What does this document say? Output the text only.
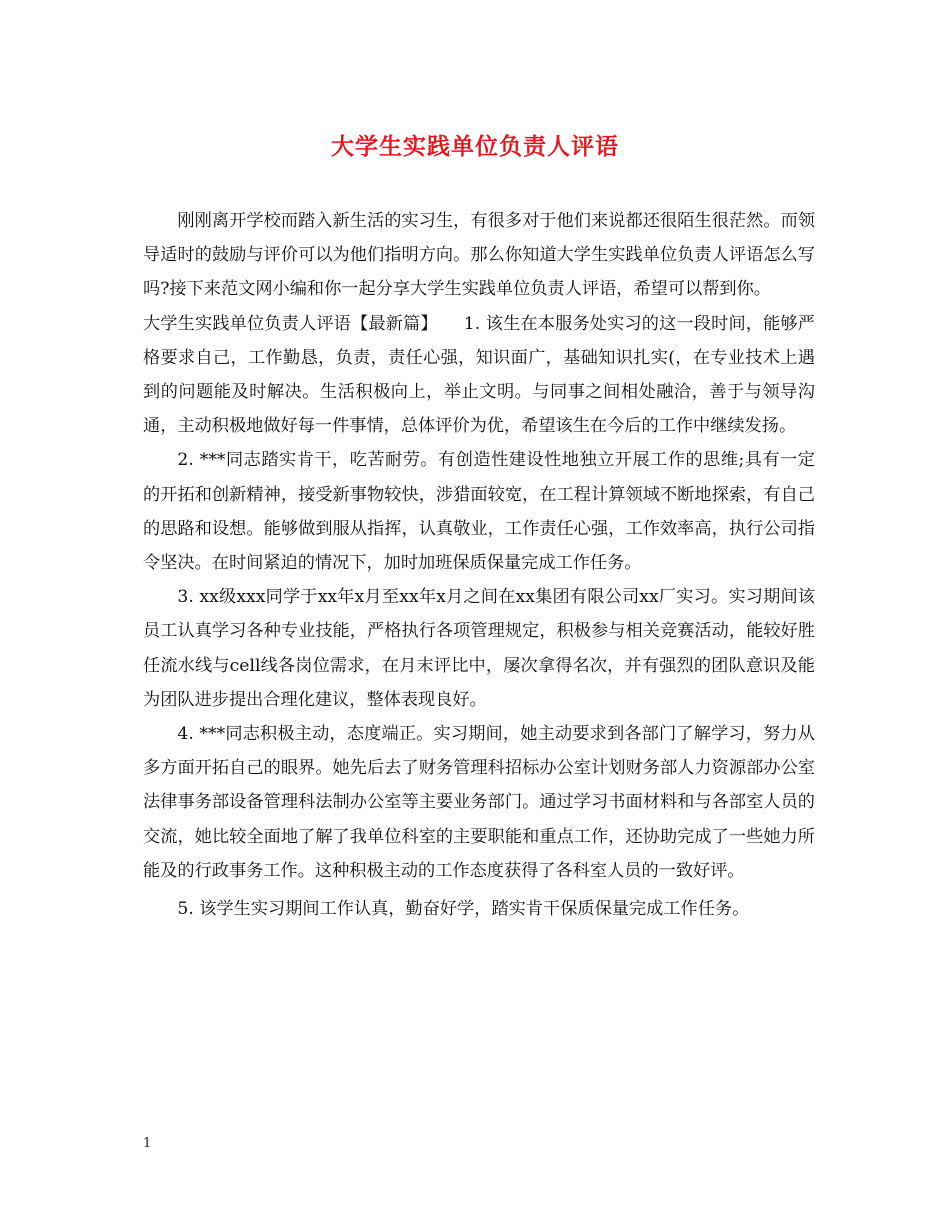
大学生实践单位负责人评语

刚刚离开学校而踏入新生活的实习生，有很多对于他们来说都还很陌生很茫然。而领导适时的鼓励与评价可以为他们指明方向。那么你知道大学生实践单位负责人评语怎么写吗?接下来范文网小编和你一起分享大学生实践单位负责人评语，希望可以帮到你。

大学生实践单位负责人评语【最新篇】　　1. 该生在本服务处实习的这一段时间，能够严格要求自己，工作勤恳，负责，责任心强，知识面广，基础知识扎实(，在专业技术上遇到的问题能及时解决。生活积极向上，举止文明。与同事之间相处融洽，善于与领导沟通，主动积极地做好每一件事情，总体评价为优，希望该生在今后的工作中继续发扬。

2. ***同志踏实肯干，吃苦耐劳。有创造性建设性地独立开展工作的思维;具有一定的开拓和创新精神，接受新事物较快，涉猎面较宽，在工程计算领域不断地探索，有自己的思路和设想。能够做到服从指挥，认真敬业，工作责任心强，工作效率高，执行公司指令坚决。在时间紧迫的情况下，加时加班保质保量完成工作任务。

3. xx级xxx同学于xx年x月至xx年x月之间在xx集团有限公司xx厂实习。实习期间该员工认真学习各种专业技能，严格执行各项管理规定，积极参与相关竞赛活动，能较好胜任流水线与cell线各岗位需求，在月末评比中，屡次拿得名次，并有强烈的团队意识及能为团队进步提出合理化建议，整体表现良好。

4. ***同志积极主动，态度端正。实习期间，她主动要求到各部门了解学习，努力从多方面开拓自己的眼界。她先后去了财务管理科招标办公室计划财务部人力资源部办公室法律事务部设备管理科法制办公室等主要业务部门。通过学习书面材料和与各部室人员的交流，她比较全面地了解了我单位科室的主要职能和重点工作，还协助完成了一些她力所能及的行政事务工作。这种积极主动的工作态度获得了各科室人员的一致好评。

5. 该学生实习期间工作认真，勤奋好学，踏实肯干保质保量完成工作任务。

1
